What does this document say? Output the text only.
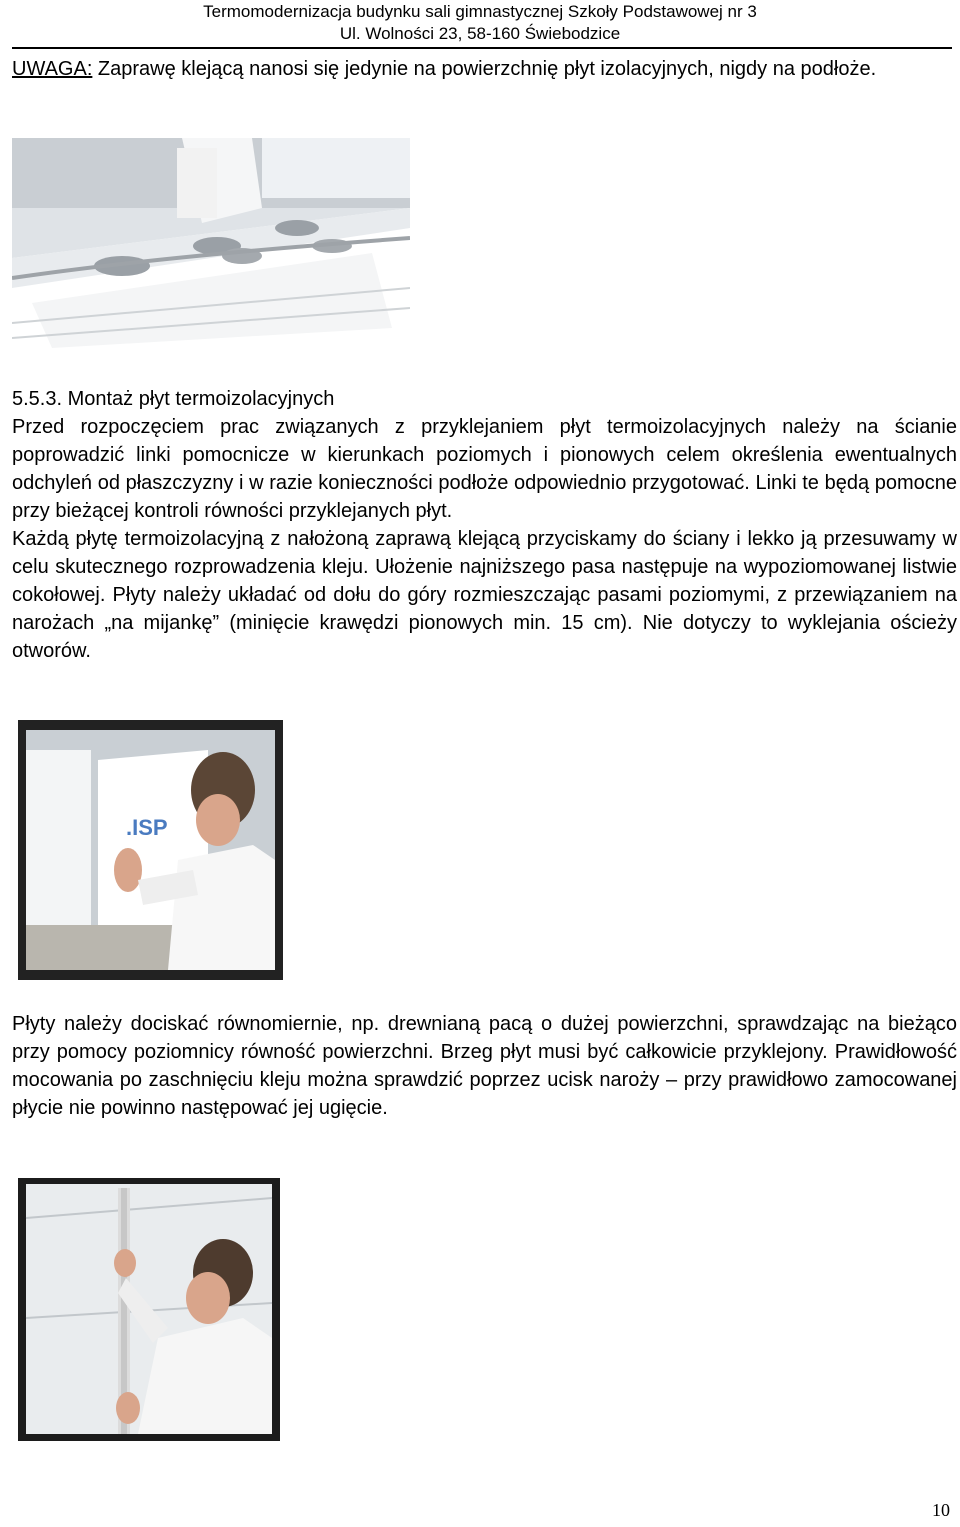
Termomodernizacja budynku sali gimnastycznej Szkoły Podstawowej nr 3
Ul. Wolności 23, 58-160 Świebodzice

UWAGA: Zaprawę klejącą nanosi się jedynie na powierzchnię płyt izolacyjnych, nigdy na podłoże.

5.5.3. Montaż płyt termoizolacyjnych

Przed rozpoczęciem prac związanych z przyklejaniem płyt termoizolacyjnych należy na ścianie poprowadzić linki pomocnicze w kierunkach poziomych i pionowych celem określenia ewentualnych odchyleń od płaszczyzny i w razie konieczności podłoże odpowiednio przygotować. Linki te będą pomocne przy bieżącej kontroli równości przyklejanych płyt.

Każdą płytę termoizolacyjną z nałożoną zaprawą klejącą przyciskamy do ściany i lekko ją przesuwamy w celu skutecznego rozprowadzenia kleju. Ułożenie najniższego pasa następuje na wypoziomowanej listwie cokołowej. Płyty należy układać od dołu do góry rozmieszczając pasami poziomymi, z przewiązaniem na narożach „na mijankę” (minięcie krawędzi pionowych min. 15 cm). Nie dotyczy to wyklejania ościeży otworów.

.ISP

Płyty należy dociskać równomiernie, np. drewnianą pacą o dużej powierzchni, sprawdzając na bieżąco przy pomocy poziomnicy równość powierzchni. Brzeg płyt musi być całkowicie przyklejony. Prawidłowość mocowania po zaschnięciu kleju można sprawdzić poprzez ucisk naroży – przy prawidłowo zamocowanej płycie nie powinno następować jej ugięcie.

10
